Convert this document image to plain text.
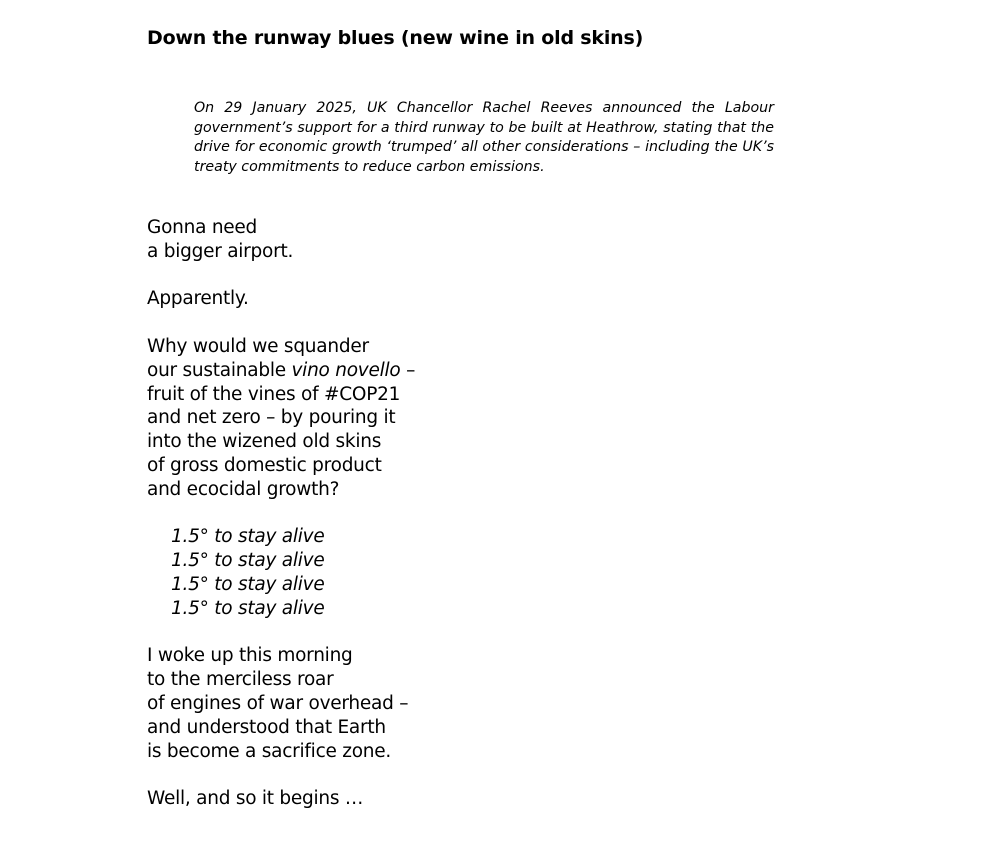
Down the runway blues (new wine in old skins)

On 29 January 2025, UK Chancellor Rachel Reeves announced the Labour government’s support for a third runway to be built at Heathrow, stating that the drive for economic growth ‘trumped’ all other considerations – including the UK’s treaty commitments to reduce carbon emissions.

Gonna need
a bigger airport.
Apparently.
Why would we squander
our sustainable vino novello –
fruit of the vines of #COP21
and net zero – by pouring it
into the wizened old skins
of gross domestic product
and ecocidal growth?
1.5° to stay alive
1.5° to stay alive
1.5° to stay alive
1.5° to stay alive
I woke up this morning
to the merciless roar
of engines of war overhead –
and understood that Earth
is become a sacrifice zone.
Well, and so it begins …
